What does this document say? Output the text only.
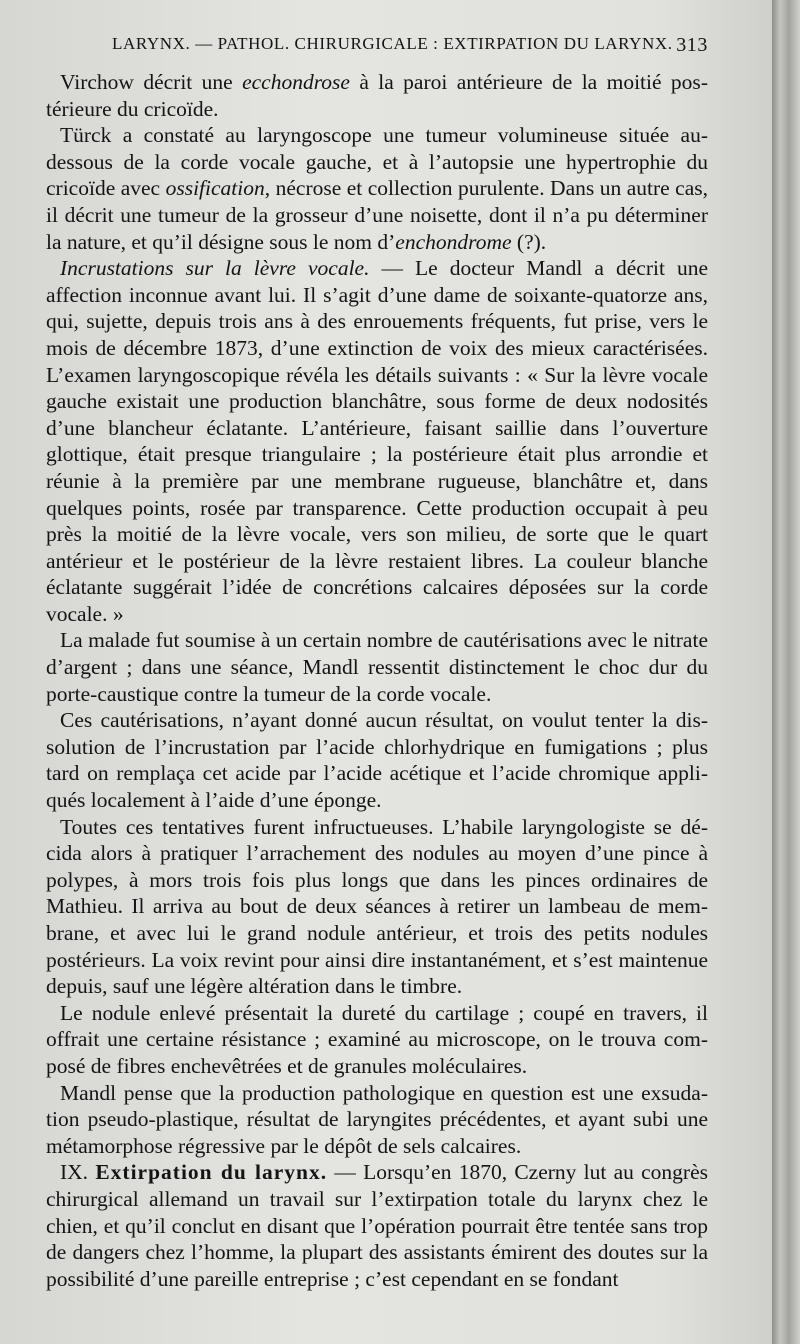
LARYNX. — PATHOL. CHIRURGICALE : EXTIRPATION DU LARYNX. 313

Virchow décrit une ecchondrose à la paroi antérieure de la moitié postérieure du cricoïde.

Türck a constaté au laryngoscope une tumeur volumineuse située au-dessous de la corde vocale gauche, et à l’autopsie une hypertrophie du cricoïde avec ossification, nécrose et collection purulente. Dans un autre cas, il décrit une tumeur de la grosseur d’une noisette, dont il n’a pu déterminer la nature, et qu’il désigne sous le nom d’enchondrome (?).

Incrustations sur la lèvre vocale. — Le docteur Mandl a décrit une affection inconnue avant lui. Il s’agit d’une dame de soixante-quatorze ans, qui, sujette, depuis trois ans à des enrouements fréquents, fut prise, vers le mois de décembre 1873, d’une extinction de voix des mieux caractérisées. L’examen laryngoscopique révéla les détails suivants : « Sur la lèvre vocale gauche existait une production blanchâtre, sous forme de deux nodosités d’une blancheur éclatante. L’antérieure, faisant saillie dans l’ouverture glottique, était presque triangulaire ; la postérieure était plus arrondie et réunie à la première par une membrane rugueuse, blanchâtre et, dans quelques points, rosée par transparence. Cette production occupait à peu près la moitié de la lèvre vocale, vers son milieu, de sorte que le quart antérieur et le postérieur de la lèvre restaient libres. La couleur blanche éclatante suggérait l’idée de concrétions calcaires déposées sur la corde vocale. »

La malade fut soumise à un certain nombre de cautérisations avec le nitrate d’argent ; dans une séance, Mandl ressentit distinctement le choc dur du porte-caustique contre la tumeur de la corde vocale.

Ces cautérisations, n’ayant donné aucun résultat, on voulut tenter la dissolution de l’incrustation par l’acide chlorhydrique en fumigations ; plus tard on remplaça cet acide par l’acide acétique et l’acide chromique appliqués localement à l’aide d’une éponge.

Toutes ces tentatives furent infructueuses. L’habile laryngologiste se décida alors à pratiquer l’arrachement des nodules au moyen d’une pince à polypes, à mors trois fois plus longs que dans les pinces ordinaires de Mathieu. Il arriva au bout de deux séances à retirer un lambeau de membrane, et avec lui le grand nodule antérieur, et trois des petits nodules postérieurs. La voix revint pour ainsi dire instantanément, et s’est maintenue depuis, sauf une légère altération dans le timbre.

Le nodule enlevé présentait la dureté du cartilage ; coupé en travers, il offrait une certaine résistance ; examiné au microscope, on le trouva composé de fibres enchevêtrées et de granules moléculaires.

Mandl pense que la production pathologique en question est une exsudation pseudo-plastique, résultat de laryngites précédentes, et ayant subi une métamorphose régressive par le dépôt de sels calcaires.

IX. Extirpation du larynx. — Lorsqu’en 1870, Czerny lut au congrès chirurgical allemand un travail sur l’extirpation totale du larynx chez le chien, et qu’il conclut en disant que l’opération pourrait être tentée sans trop de dangers chez l’homme, la plupart des assistants émirent des doutes sur la possibilité d’une pareille entreprise ; c’est cependant en se fondant
